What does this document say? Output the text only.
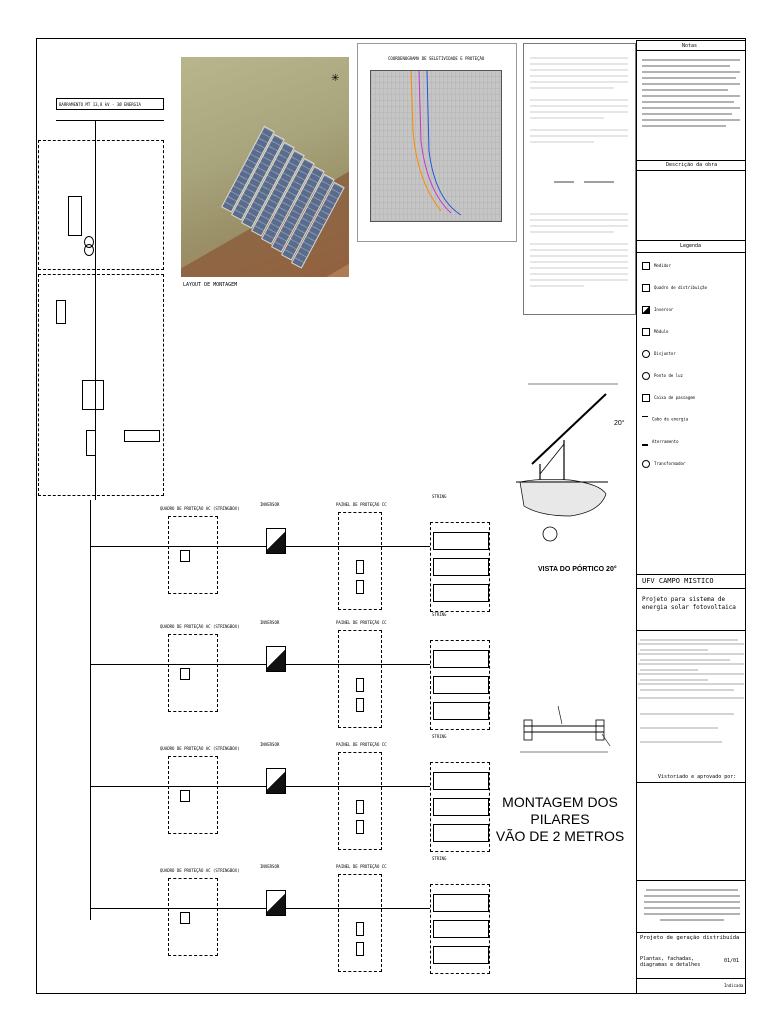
BARRAMENTO MT 13,8 kV - 3Ø ENERGIA
✳
LAYOUT DE MONTAGEM
COORDENOGRAMA DE SELETIVIDADE E PROTEÇÃO
Notas
Descrição da obra
Legenda
Medidor
Quadro de distribuição
Inversor
Módulo
Disjuntor
Ponto de luz
Caixa de passagem
Cabo de energia
Aterramento
Transformador
UFV CAMPO MISTICO
Projeto para sistema de energia solar fotovoltaica
Vistoriado e aprovado por:
Projeto de geração distribuída
Plantas, fachadas, diagramas e detalhes
01/01
Indicada
20°
VISTA DO PÓRTICO 20°
MONTAGEM DOS PILARES
VÃO DE 2 METROS
QUADRO DE PROTEÇÃO AC (STRINGBOX)
INVERSOR	PAINEL DE PROTEÇÃO CC
STRING
QUADRO DE PROTEÇÃO AC (STRINGBOX)
INVERSOR	PAINEL DE PROTEÇÃO CC
STRING
QUADRO DE PROTEÇÃO AC (STRINGBOX)
INVERSOR	PAINEL DE PROTEÇÃO CC
STRING
QUADRO DE PROTEÇÃO AC (STRINGBOX)
INVERSOR	PAINEL DE PROTEÇÃO CC
STRING
